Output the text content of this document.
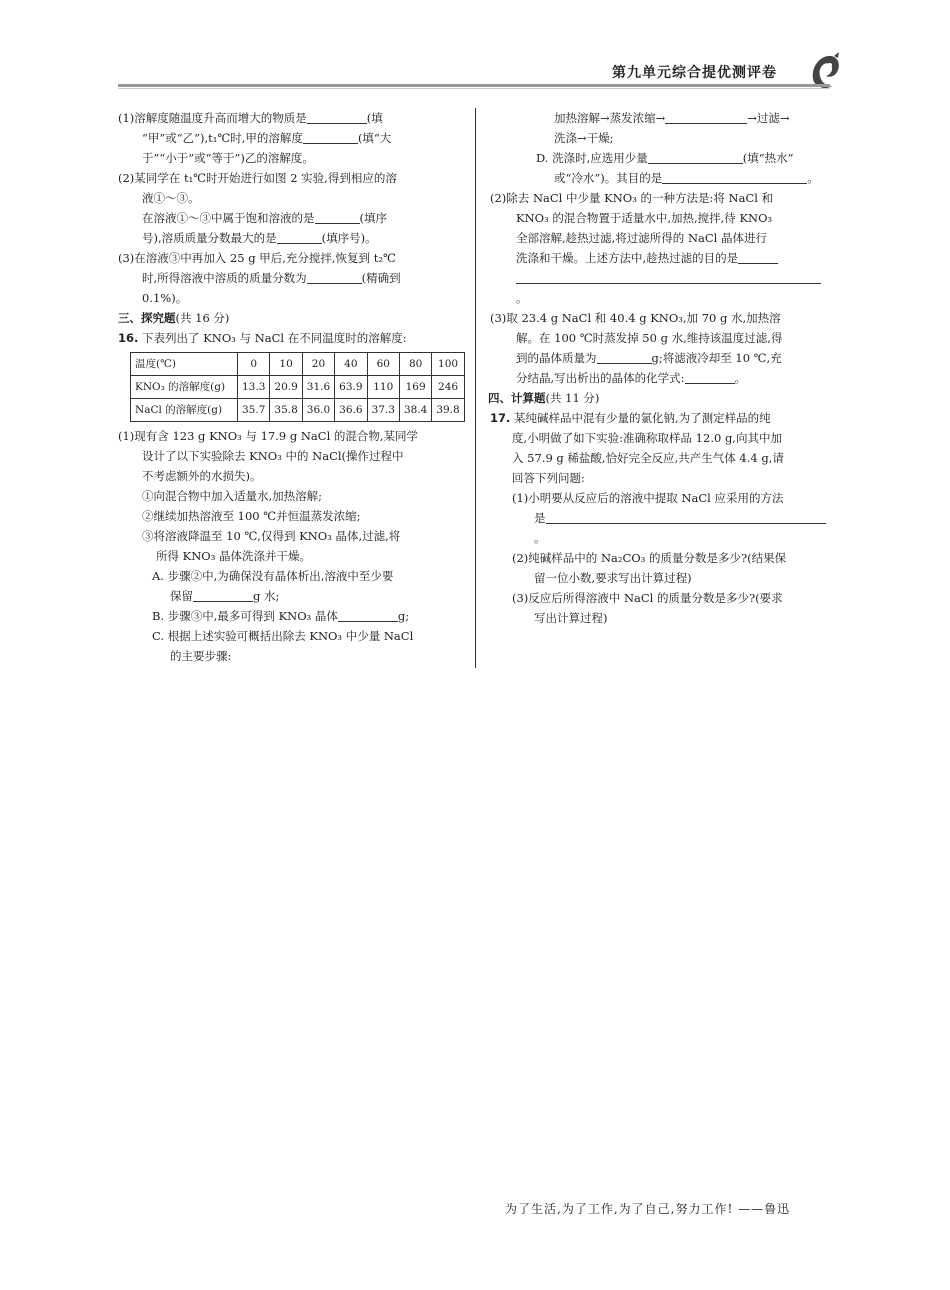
第九单元综合提优测评卷

(1)溶解度随温度升高而增大的物质是	(填
“甲”或“乙”),t₁℃时,甲的溶解度	(填“大
于”“小于”或“等于”)乙的溶解度。

(2)某同学在 t₁℃时开始进行如图 2 实验,得到相应的溶
液①～③。
在溶液①～③中属于饱和溶液的是	(填序
号),溶质质量分数最大的是	(填序号)。

(3)在溶液③中再加入 25 g 甲后,充分搅拌,恢复到 t₂℃
时,所得溶液中溶质的质量分数为	(精确到
0.1%)。

三、探究题(共 16 分)

16. 下表列出了 KNO₃ 与 NaCl 在不同温度时的溶解度:

温度(℃)	0	10	20	40	60	80	100
KNO₃ 的溶解度(g)	13.3	20.9	31.6	63.9	110	169	246
NaCl 的溶解度(g)	35.7	35.8	36.0	36.6	37.3	38.4	39.8

(1)现有含 123 g KNO₃ 与 17.9 g NaCl 的混合物,某同学
设计了以下实验除去 KNO₃ 中的 NaCl(操作过程中
不考虑额外的水损失)。

①向混合物中加入适量水,加热溶解;

②继续加热溶液至 100 ℃并恒温蒸发浓缩;

③将溶液降温至 10 ℃,仅得到 KNO₃ 晶体,过滤,将
所得 KNO₃ 晶体洗涤并干燥。

A. 步骤②中,为确保没有晶体析出,溶液中至少要
保留	g 水;

B. 步骤③中,最多可得到 KNO₃ 晶体	g;

C. 根据上述实验可概括出除去 KNO₃ 中少量 NaCl
的主要步骤:

加热溶解→蒸发浓缩→	→过滤→
洗涤→干燥;

D. 洗涤时,应选用少量	(填“热水”
或“冷水”)。其目的是	。

(2)除去 NaCl 中少量 KNO₃ 的一种方法是:将 NaCl 和
KNO₃ 的混合物置于适量水中,加热,搅拌,待 KNO₃
全部溶解,趁热过滤,将过滤所得的 NaCl 晶体进行
洗涤和干燥。上述方法中,趁热过滤的目的是
。

(3)取 23.4 g NaCl 和 40.4 g KNO₃,加 70 g 水,加热溶
解。在 100 ℃时蒸发掉 50 g 水,维持该温度过滤,得
到的晶体质量为	g;将滤液冷却至 10 ℃,充
分结晶,写出析出的晶体的化学式:	。

四、计算题(共 11 分)

17. 某纯碱样品中混有少量的氯化钠,为了测定样品的纯
度,小明做了如下实验:准确称取样品 12.0 g,向其中加
入 57.9 g 稀盐酸,恰好完全反应,共产生气体 4.4 g,请
回答下列问题:

(1)小明要从反应后的溶液中提取 NaCl 应采用的方法
是。

(2)纯碱样品中的 Na₂CO₃ 的质量分数是多少?(结果保
留一位小数,要求写出计算过程)

(3)反应后所得溶液中 NaCl 的质量分数是多少?(要求
写出计算过程)

为了生活,为了工作,为了自己,努力工作! ——鲁迅
